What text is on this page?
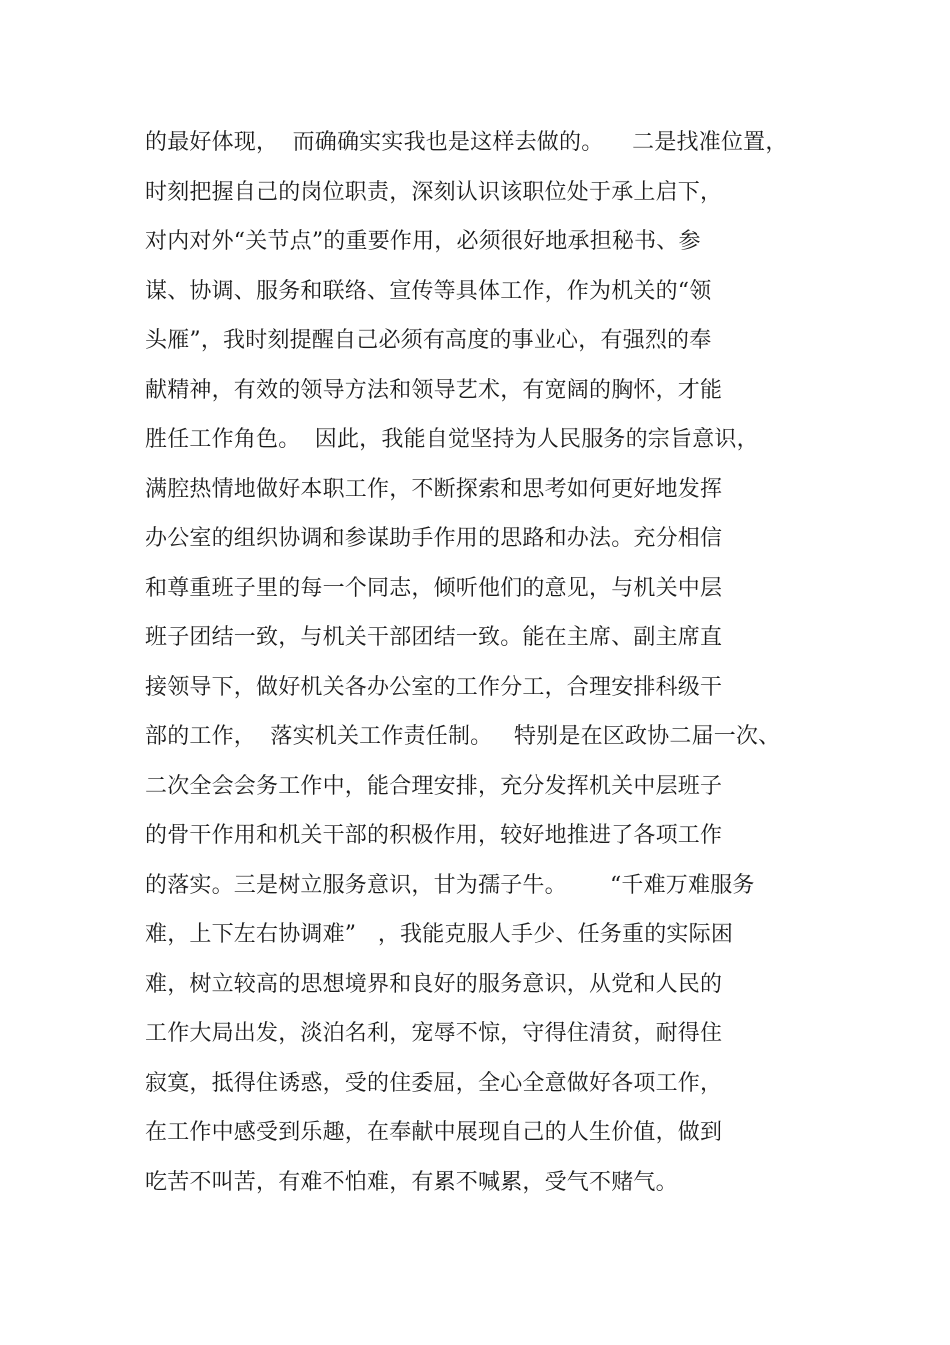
的最好体现，  而确确实实我也是这样去做的。    二是找准位置，
时刻把握自己的岗位职责，深刻认识该职位处于承上启下，
对内对外“关节点”的重要作用，必须很好地承担秘书、参
谋、协调、服务和联络、宣传等具体工作，作为机关的“领
头雁”，我时刻提醒自己必须有高度的事业心，有强烈的奉
献精神，有效的领导方法和领导艺术，有宽阔的胸怀，才能
胜任工作角色。  因此，我能自觉坚持为人民服务的宗旨意识，
满腔热情地做好本职工作，不断探索和思考如何更好地发挥
办公室的组织协调和参谋助手作用的思路和办法。充分相信
和尊重班子里的每一个同志，倾听他们的意见，与机关中层
班子团结一致，与机关干部团结一致。能在主席、副主席直
接领导下，做好机关各办公室的工作分工，合理安排科级干
部的工作，  落实机关工作责任制。   特别是在区政协二届一次、
二次全会会务工作中，能合理安排，充分发挥机关中层班子
的骨干作用和机关干部的积极作用，较好地推进了各项工作
的落实。三是树立服务意识，甘为孺子牛。      “千难万难服务
难，上下左右协调难”   ，我能克服人手少、任务重的实际困
难，树立较高的思想境界和良好的服务意识，从党和人民的
工作大局出发，淡泊名利，宠辱不惊，守得住清贫，耐得住
寂寞，抵得住诱惑，受的住委屈，全心全意做好各项工作，
在工作中感受到乐趣，在奉献中展现自己的人生价值，做到
吃苦不叫苦，有难不怕难，有累不喊累，受气不赌气。
